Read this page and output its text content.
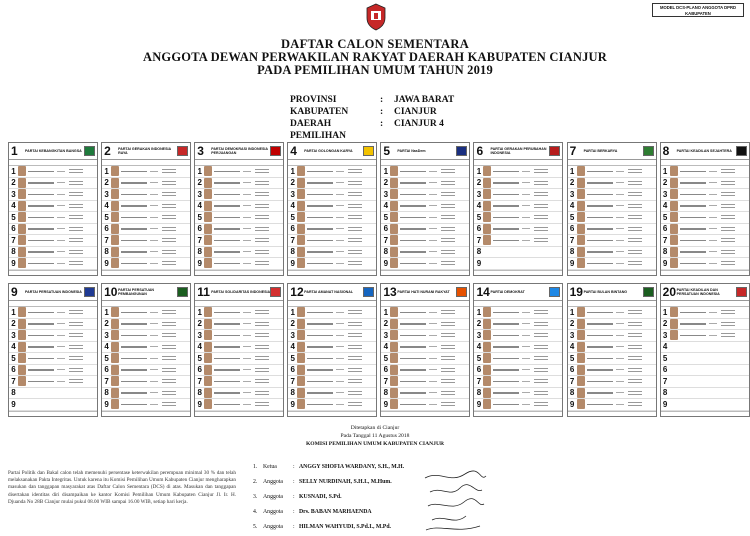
MODEL DCS-PLANO ANGGOTA DPRD KABUPATEN
DAFTAR CALON SEMENTARA
ANGGOTA DEWAN PERWAKILAN RAKYAT DAERAH KABUPATEN CIANJUR
PADA PEMILIHAN UMUM TAHUN 2019
PROVINSI	:	JAWA BARAT
KABUPATEN	:	CIANJUR
DAERAH PEMILIHAN
:	CIANJUR 4
1	PARTAI KEBANGKITAN BANGSA
1
2
3
4
5
6
7
8
9
2	PARTAI GERAKAN INDONESIA RAYA
1
2
3
4
5
6
7
8
9
3	PARTAI DEMOKRASI INDONESIA PERJUANGAN
1
2
3
4
5
6
7
8
9
4	PARTAI GOLONGAN KARYA
1
2
3
4
5
6
7
8
9
5	PARTAI NasDem
1
2
3
4
5
6
7
8
9
6	PARTAI GERAKAN PERUBAHAN INDONESIA
1
2
3
4
5
6
7
8
9
7	PARTAI BERKARYA
1
2
3
4
5
6
7
8
9
8	PARTAI KEADILAN SEJAHTERA
1
2
3
4
5
6
7
8
9
9	PARTAI PERSATUAN INDONESIA
1
2
3
4
5
6
7
8
9
10 PARTAI PERSATUAN PEMBANGUNAN
1
2
3
4
5
6
7
8
9
11 PARTAI SOLIDARITAS INDONESIA
1
2
3
4
5
6
7
8
9
12 PARTAI AMANAT NASIONAL
1
2
3
4
5
6
7
8
9
13 PARTAI HATI NURANI RAKYAT
1
2
3
4
5
6
7
8
9
14 PARTAI DEMOKRAT
1
2
3
4
5
6
7
8
9
19 PARTAI BULAN BINTANG
1
2
3
4
5
6
7
8
9
20 PARTAI KEADILAN DAN PERSATUAN INDONESIA
1
2
3
4
5
6
7
8
9
Partai Politik dan Bakal calon telah memenuhi persentase keterwakilan perempuan minimal 30 % dan telah melaksanakan Pakta Integritas. Untuk karena itu Komisi Pemilihan Umum Kabupaten Cianjur mengharapkan masukan dan tanggapan masyarakat atas Daftar Calon Sementara (DCS) di atas. Masukan dan tanggapan disertakan identitas diri disampaikan ke kantor Komisi Pemilihan Umum Kabupaten Cianjur Jl. Ir. H. Djuanda No 28B Cianjur mulai pukul 08.00 WIB sampai 16.00 WIB, setiap hari kerja.
Ditetapkan di Cianjur
Pada Tanggal 11 Agustus 2018
KOMISI PEMILIHAN UMUM KABUPATEN CIANJUR
1. Ketua	: ANGGY SHOFIA WARDANY, S.H., M.H.
2. Anggota	: SELLY NURDINAH, S.H.I., M.Hum.
3. Anggota	: KUSNADI, S.Pd.
4. Anggota	: Drs. BABAN MARHAENDA
5. Anggota	: HILMAN WAHYUDI, S.Pd.I., M.Pd.
